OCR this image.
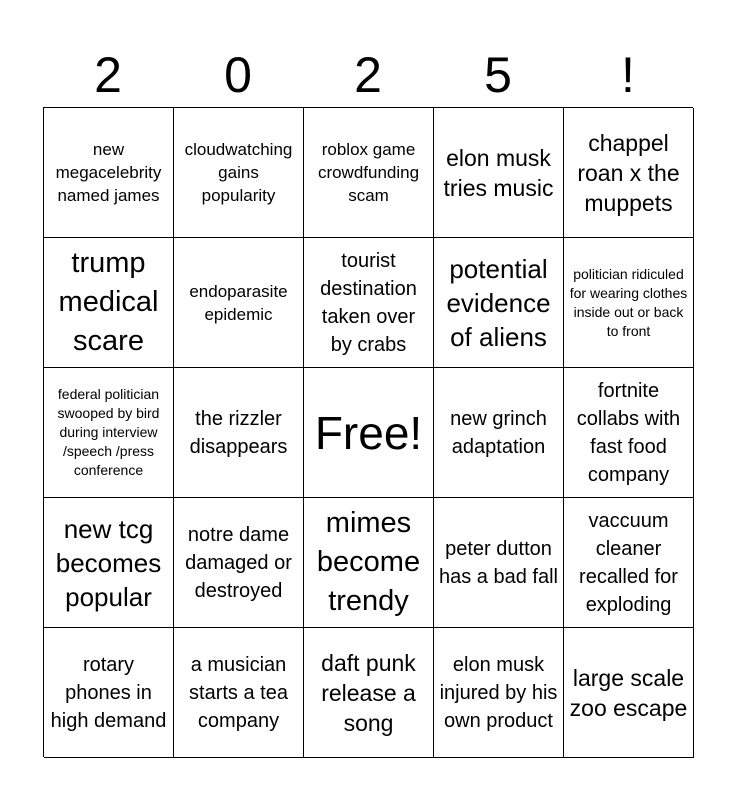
2	0	2	5	!
new megacelebrity named james
cloudwatching gains popularity
roblox game crowdfunding scam
elon musk tries music
chappel roan x the muppets
trump medical scare
endoparasite epidemic
tourist destination taken over by crabs
potential evidence of aliens
politician ridiculed for wearing clothes inside out or back to front
federal politician swooped by bird during interview /speech /press conference
the rizzler disappears Free!	new grinch adaptation
fortnite collabs with fast food company
new tcg becomes popular
notre dame damaged or destroyed
mimes become trendy
peter dutton has a bad fall
vaccuum cleaner recalled for exploding
rotary phones in high demand
a musician starts a tea company
daft punk release a song
elon musk injured by his own product
large scale zoo escape
